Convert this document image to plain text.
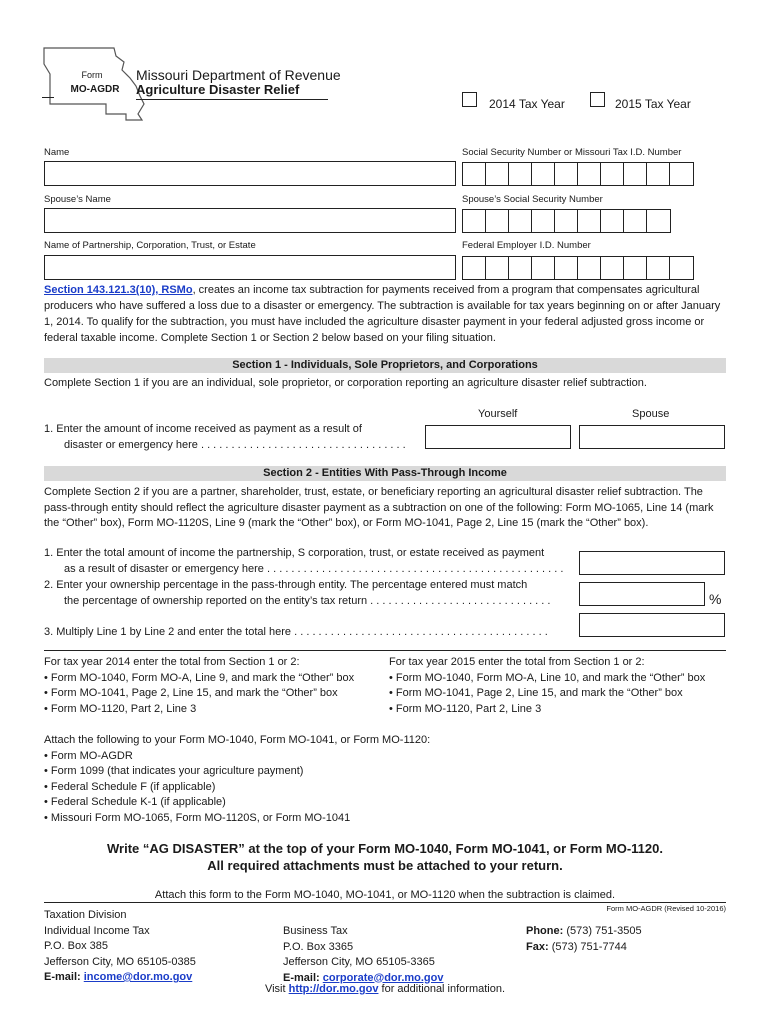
Form
MO-AGDR
Missouri Department of Revenue
Agriculture Disaster Relief
2014 Tax Year	2015 Tax Year
Name	Social Security Number or Missouri Tax I.D. Number
Spouse’s Name	Spouse’s Social Security Number
Name of Partnership, Corporation, Trust, or Estate	Federal Employer I.D. Number
Section 143.121.3(10), RSMo, creates an income tax subtraction for payments received from a program that compensates agricultural producers who have suffered a loss due to a disaster or emergency. The subtraction is available for tax years beginning on or after January 1, 2014. To qualify for the subtraction, you must have included the agriculture disaster payment in your federal adjusted gross income or federal taxable income. Complete Section 1 or Section 2 below based on your filing situation.
Section 1 - Individuals, Sole Proprietors, and Corporations
Complete Section 1 if you are an individual, sole proprietor, or corporation reporting an agriculture disaster relief subtraction.
Yourself	Spouse
1. Enter the amount of income received as payment as a result of
disaster or emergency here . . . . . . . . . . . . . . . . . . . . . . . . . . . . . . . . . .
Section 2 - Entities With Pass-Through Income
Complete Section 2 if you are a partner, shareholder, trust, estate, or beneficiary reporting an agricultural disaster relief subtraction. The pass-through entity should reflect the agriculture disaster payment as a subtraction on one of the following: Form MO-1065, Line 14 (mark the “Other” box), Form MO-1120S, Line 9 (mark the “Other” box), or Form MO-1041, Page 2, Line 15 (mark the “Other” box).
1. Enter the total amount of income the partnership, S corporation, trust, or estate received as payment
as a result of disaster or emergency here . . . . . . . . . . . . . . . . . . . . . . . . . . . . . . . . . . . . . . . . . . . . . . . . .
2. Enter your ownership percentage in the pass-through entity. The percentage entered must match
the percentage of ownership reported on the entity’s tax return . . . . . . . . . . . . . . . . . . . . . . . . . . . . . .	%
3. Multiply Line 1 by Line 2 and enter the total here . . . . . . . . . . . . . . . . . . . . . . . . . . . . . . . . . . . . . . . . . .
For tax year 2014 enter the total from Section 1 or 2:
• Form MO-1040, Form MO-A, Line 9, and mark the “Other” box
• Form MO-1041, Page 2, Line 15, and mark the “Other” box
• Form MO-1120, Part 2, Line 3
For tax year 2015 enter the total from Section 1 or 2:
• Form MO-1040, Form MO-A, Line 10, and mark the “Other” box
• Form MO-1041, Page 2, Line 15, and mark the “Other” box
• Form MO-1120, Part 2, Line 3
Attach the following to your Form MO-1040, Form MO-1041, or Form MO-1120:
• Form MO-AGDR
• Form 1099 (that indicates your agriculture payment)
• Federal Schedule F (if applicable)
• Federal Schedule K-1 (if applicable)
• Missouri Form MO-1065, Form MO-1120S, or Form MO-1041
Write “AG DISASTER” at the top of your Form MO-1040, Form MO-1041, or Form MO-1120.
All required attachments must be attached to your return.
Attach this form to the Form MO-1040, MO-1041, or MO-1120 when the subtraction is claimed.
Form MO-AGDR (Revised 10-2016)
Taxation Division
Individual Income Tax
P.O. Box 385
Jefferson City, MO 65105-0385
E-mail: income@dor.mo.gov
Business Tax
P.O. Box 3365
Jefferson City, MO 65105-3365
E-mail: corporate@dor.mo.gov
Phone: (573) 751-3505
Fax: (573) 751-7744
Visit http://dor.mo.gov for additional information.
